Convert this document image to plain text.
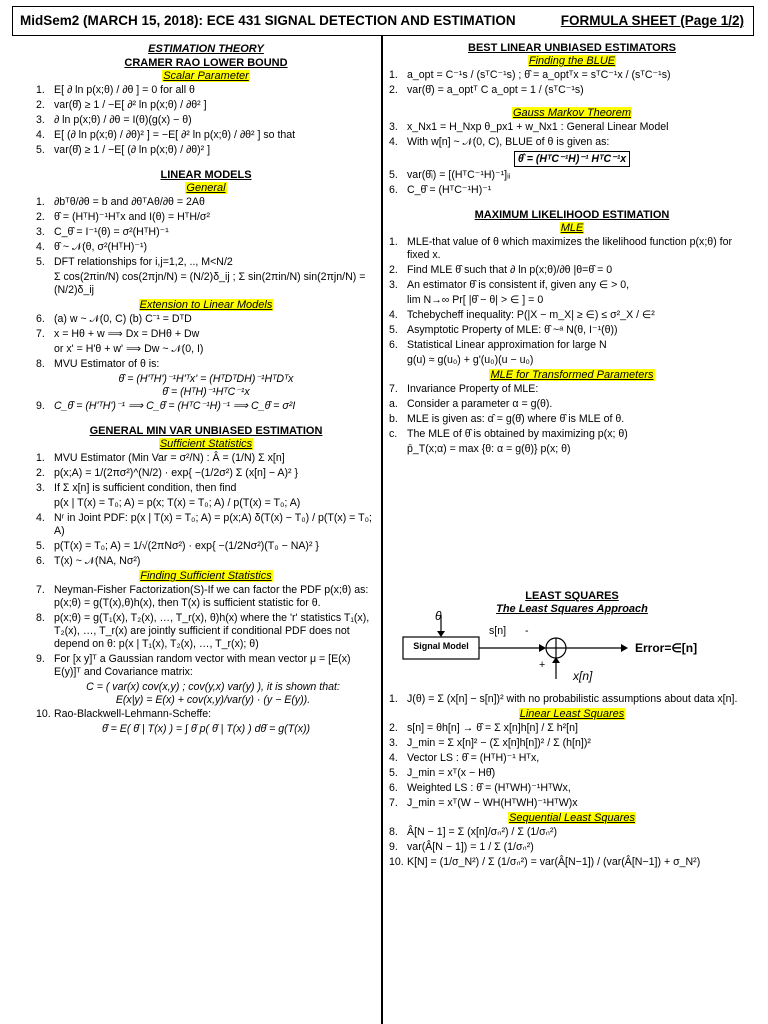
MidSem2 (MARCH 15, 2018): ECE 431 SIGNAL DETECTION AND ESTIMATION	FORMULA SHEET (Page 1/2)
ESTIMATION THEORY
CRAMER RAO LOWER BOUND
Scalar Parameter
1. E[ ∂ ln p(x;θ) / ∂θ ] = 0 for all θ
2. var(θ̂) ≥ 1 / −E[ ∂² ln p(x;θ) / ∂θ² ]
3. ∂ ln p(x;θ) / ∂θ = I(θ)(g(x) − θ)
4. E[ (∂ ln p(x;θ) / ∂θ)² ] = −E[ ∂² ln p(x;θ) / ∂θ² ] so that
5. var(θ̂) ≥ 1 / −E[ (∂ ln p(x;θ) / ∂θ)² ]
LINEAR MODELS
General
1. ∂bᵀθ/∂θ = b and ∂θᵀAθ/∂θ = 2Aθ
2. θ̂ = (HᵀH)⁻¹Hᵀx and I(θ) = HᵀH/σ²
3. C_θ̂ = I⁻¹(θ) = σ²(HᵀH)⁻¹
4. θ̂ ~ 𝒩(θ, σ²(HᵀH)⁻¹)
5. DFT relationships for i,j=1,2, .., M<N/2
Σ cos(2πin/N) cos(2πjn/N) = (N/2)δ_ij ; Σ sin(2πin/N) sin(2πjn/N) = (N/2)δ_ij
Extension to Linear Models
6. (a) w ~ 𝒩(0, C) (b) C⁻¹ = DᵀD
7. x = Hθ + w ⟹ Dx = DHθ + Dw
or x' = H'θ + w' ⟹ Dw ~ 𝒩(0, I)
8. MVU Estimator of θ is:
θ̂ = (H'ᵀH')⁻¹H'ᵀx' = (HᵀDᵀDH)⁻¹HᵀDᵀx
θ̂ = (HᵀH)⁻¹HᵀC⁻¹x
9. C_θ̂ = (H'ᵀH')⁻¹ ⟹ C_θ̂ = (HᵀC⁻¹H)⁻¹ ⟹ C_θ̂ = σ²I
GENERAL MIN VAR UNBIASED ESTIMATION
Sufficient Statistics
1. MVU Estimator (Min Var = σ²/N) : Â = (1/N) Σ x[n]
2. p(x;A) = 1/(2πσ²)^(N/2) · exp{ −(1/2σ²) Σ (x[n] − A)² }
3. If Σ x[n] is sufficient condition, then find
p(x | T(x) = T₀; A) = p(x; T(x) = T₀; A) / p(T(x) = T₀; A)
4. Nʳ in Joint PDF: p(x | T(x) = T₀; A) = p(x;A) δ(T(x) − T₀) / p(T(x) = T₀; A)
5. p(T(x) = T₀; A) = 1/√(2πNσ²) · exp{ −(1/2Nσ²)(T₀ − NA)² }
6. T(x) ~ 𝒩(NA, Nσ²)
Finding Sufficient Statistics
7. Neyman-Fisher Factorization(S)-If we can factor the PDF p(x;θ) as: p(x;θ) = g(T(x),θ)h(x), then T(x) is sufficient statistic for θ.
8. p(x;θ) = g(T₁(x), T₂(x), …, T_r(x), θ)h(x) where the 'r' statistics T₁(x), T₂(x), …, T_r(x) are jointly sufficient if conditional PDF does not depend on θ: p(x | T₁(x), T₂(x), …, T_r(x); θ)
9. For [x y]ᵀ a Gaussian random vector with mean vector μ = [E(x) E(y)]ᵀ and Covariance matrix:
C = ( var(x) cov(x,y) ; cov(y,x) var(y) ), it is shown that:
E(x|y) = E(x) + cov(x,y)/var(y) · (y − E(y)).
10. Rao-Blackwell-Lehmann-Scheffe:
θ̂ = E( θ̌ | T(x) ) = ∫ θ̌ p( θ̌ | T(x) ) dθ̌ = g(T(x))
BEST LINEAR UNBIASED ESTIMATORS
Finding the BLUE
1. a_opt = C⁻¹s / (sᵀC⁻¹s) ; θ̂ = a_optᵀx = sᵀC⁻¹x / (sᵀC⁻¹s)
2. var(θ̂) = a_optᵀ C a_opt = 1 / (sᵀC⁻¹s)
Gauss Markov Theorem
3. x_Nx1 = H_Nxp θ_px1 + w_Nx1 : General Linear Model
4. With w[n] ~ 𝒩(0, C), BLUE of θ is given as:
θ̂ = (HᵀC⁻¹H)⁻¹ HᵀC⁻¹x
5. var(θ̂ᵢ) = [(HᵀC⁻¹H)⁻¹]ᵢᵢ
6. C_θ̂ = (HᵀC⁻¹H)⁻¹
MAXIMUM LIKELIHOOD ESTIMATION
MLE
1. MLE-that value of θ which maximizes the likelihood function p(x;θ) for fixed x.
2. Find MLE θ̂ such that ∂ ln p(x;θ)/∂θ |θ=θ̂ = 0
3. An estimator θ̂ is consistent if, given any ∈ > 0,
lim N→∞ Pr[ |θ̂ − θ| > ∈ ] = 0
4. Tchebycheff inequality: P(|X − m_X| ≥ ∈) ≤ σ²_X / ∈²
5. Asymptotic Property of MLE: θ̂ ~ᵃ N(θ, I⁻¹(θ))
6. Statistical Linear approximation for large N
g(u) ≈ g(u₀) + g'(u₀)(u − u₀)
MLE for Transformed Parameters
7. Invariance Property of MLE:
a. Consider a parameter α = g(θ).
b. MLE is given as: α̂ = g(θ̂) where θ̂ is MLE of θ.
c. The MLE of θ̂ is obtained by maximizing p(x; θ)
p̄_T(x;α) = max {θ: α = g(θ)} p(x; θ)
LEAST SQUARES
The Least Squares Approach
θ
Signal Model
s[n] -
+
x[n]
Error=∈[n]
1. J(θ) = Σ (x[n] − s[n])² with no probabilistic assumptions about data x[n].
Linear Least Squares
2. s[n] = θh[n] → θ̂ = Σ x[n]h[n] / Σ h²[n]
3. J_min = Σ x[n]² − (Σ x[n]h[n])² / Σ (h[n])²
4. Vector LS : θ̂ = (HᵀH)⁻¹ Hᵀx,
5. J_min = xᵀ(x − Hθ̂)
6. Weighted LS : θ̂ = (HᵀWH)⁻¹HᵀWx,
7. J_min = xᵀ(W − WH(HᵀWH)⁻¹HᵀW)x
Sequential Least Squares
8. Â[N − 1] = Σ (x[n]/σₙ²) / Σ (1/σₙ²)
9. var(Â[N − 1]) = 1 / Σ (1/σₙ²)
10. K[N] = (1/σ_N²) / Σ (1/σₙ²) = var(Â[N−1]) / (var(Â[N−1]) + σ_N²)
